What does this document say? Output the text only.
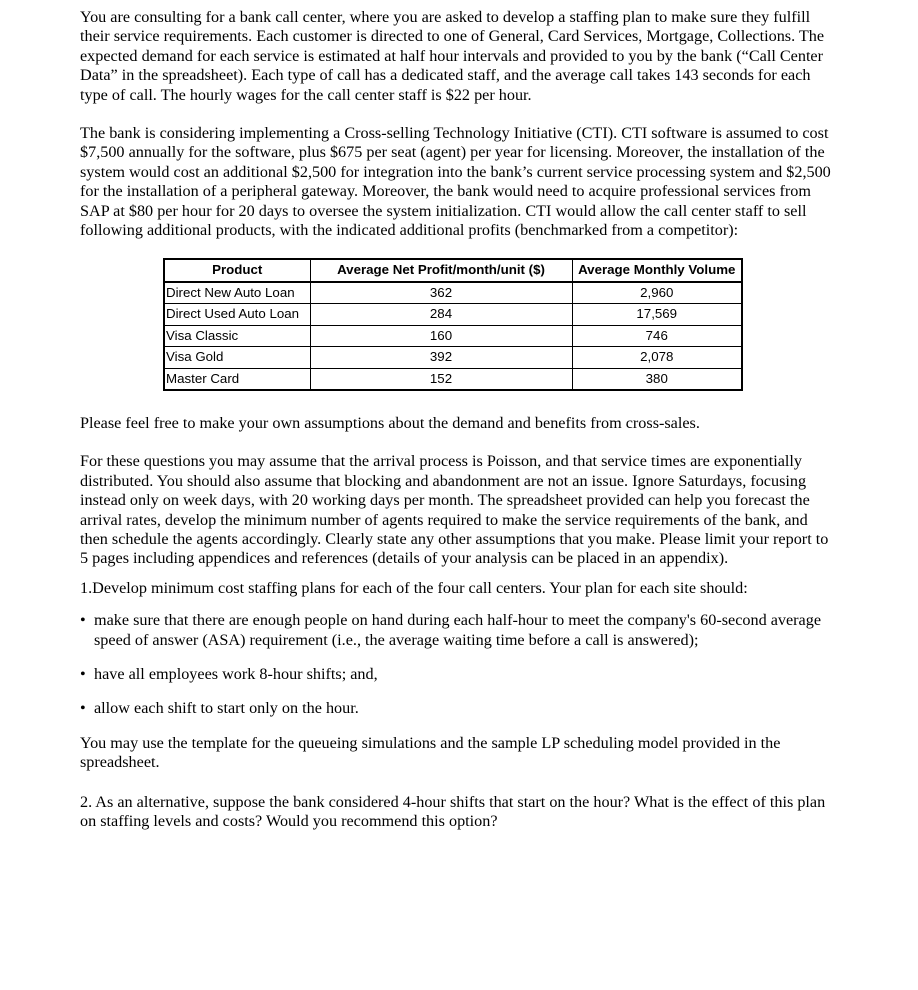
You are consulting for a bank call center, where you are asked to develop a staffing plan to make sure they fulfill their service requirements. Each customer is directed to one of General, Card Services, Mortgage, Collections. The expected demand for each service is estimated at half hour intervals and provided to you by the bank (“Call Center Data” in the spreadsheet). Each type of call has a dedicated staff, and the average call takes 143 seconds for each type of call. The hourly wages for the call center staff is $22 per hour.

The bank is considering implementing a Cross-selling Technology Initiative (CTI). CTI software is assumed to cost $7,500 annually for the software, plus $675 per seat (agent) per year for licensing. Moreover, the installation of the system would cost an additional $2,500 for integration into the bank’s current service processing system and $2,500 for the installation of a peripheral gateway. Moreover, the bank would need to acquire professional services from SAP at $80 per hour for 20 days to oversee the system initialization. CTI would allow the call center staff to sell following additional products, with the indicated additional profits (benchmarked from a competitor):

Product	Average Net Profit/month/unit ($)	Average Monthly Volume
Direct New Auto Loan	362	2,960
Direct Used Auto Loan	284	17,569
Visa Classic	160	746
Visa Gold	392	2,078
Master Card	152	380

Please feel free to make your own assumptions about the demand and benefits from cross-sales.

For these questions you may assume that the arrival process is Poisson, and that service times are exponentially distributed. You should also assume that blocking and abandonment are not an issue. Ignore Saturdays, focusing instead only on week days, with 20 working days per month. The spreadsheet provided can help you forecast the arrival rates, develop the minimum number of agents required to make the service requirements of the bank, and then schedule the agents accordingly. Clearly state any other assumptions that you make. Please limit your report to 5 pages including appendices and references (details of your analysis can be placed in an appendix).

1.Develop minimum cost staffing plans for each of the four call centers. Your plan for each site should:

• make sure that there are enough people on hand during each half-hour to meet the company's 60-second average speed of answer (ASA) requirement (i.e., the average waiting time before a call is answered);
• have all employees work 8-hour shifts; and,
• allow each shift to start only on the hour.

You may use the template for the queueing simulations and the sample LP scheduling model provided in the spreadsheet.

2. As an alternative, suppose the bank considered 4-hour shifts that start on the hour? What is the effect of this plan on staffing levels and costs? Would you recommend this option?
